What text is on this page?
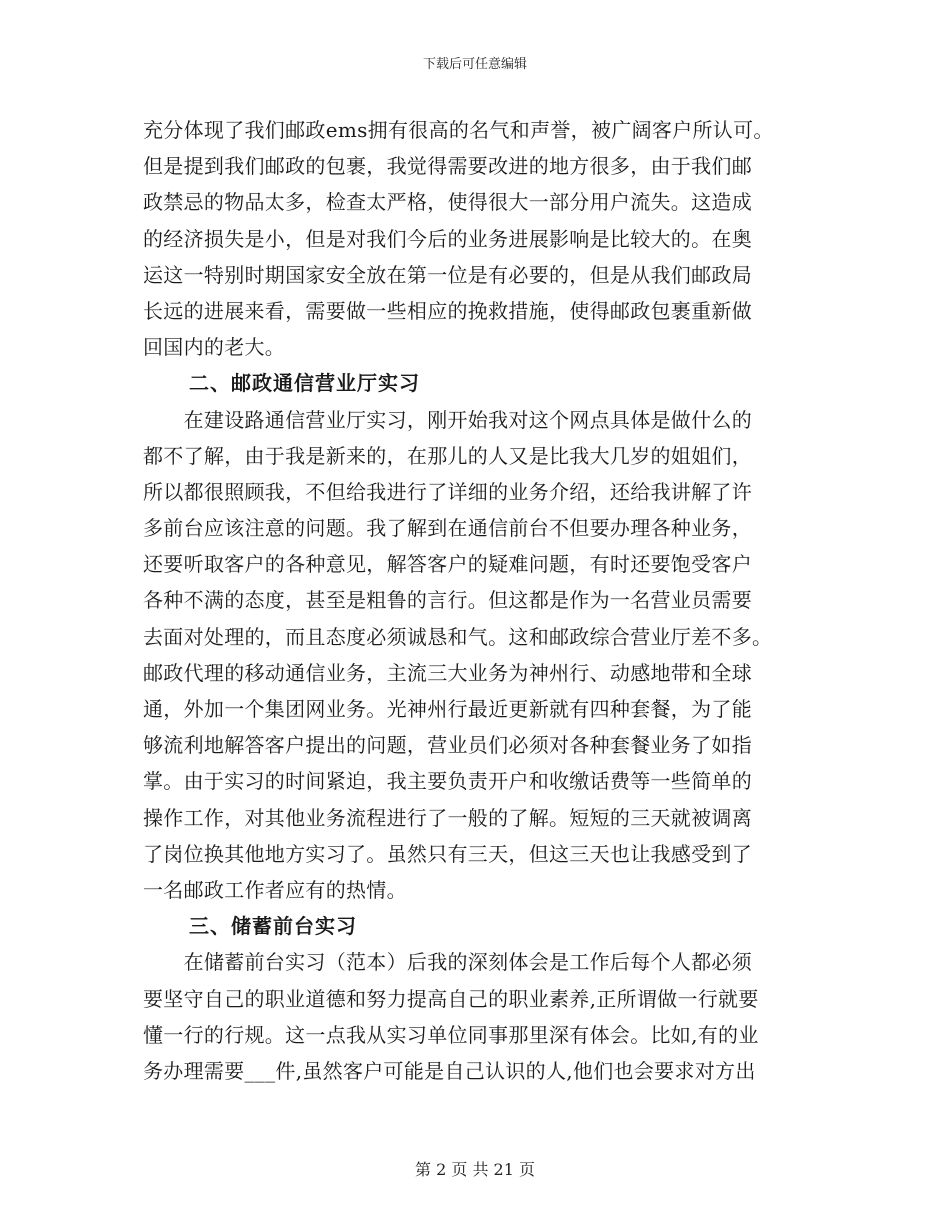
下载后可任意编辑
充分体现了我们邮政ems拥有很高的名气和声誉，被广阔客户所认可。
但是提到我们邮政的包裹，我觉得需要改进的地方很多，由于我们邮
政禁忌的物品太多，检查太严格，使得很大一部分用户流失。这造成
的经济损失是小，但是对我们今后的业务进展影响是比较大的。在奥
运这一特别时期国家安全放在第一位是有必要的，但是从我们邮政局
长远的进展来看，需要做一些相应的挽救措施，使得邮政包裹重新做
回国内的老大。
二、邮政通信营业厅实习
　　在建设路通信营业厅实习，刚开始我对这个网点具体是做什么的
都不了解，由于我是新来的，在那儿的人又是比我大几岁的姐姐们，
所以都很照顾我，不但给我进行了详细的业务介绍，还给我讲解了许
多前台应该注意的问题。我了解到在通信前台不但要办理各种业务，
还要听取客户的各种意见，解答客户的疑难问题，有时还要饱受客户
各种不满的态度，甚至是粗鲁的言行。但这都是作为一名营业员需要
去面对处理的，而且态度必须诚恳和气。这和邮政综合营业厅差不多。
邮政代理的移动通信业务，主流三大业务为神州行、动感地带和全球
通，外加一个集团网业务。光神州行最近更新就有四种套餐，为了能
够流利地解答客户提出的问题，营业员们必须对各种套餐业务了如指
掌。由于实习的时间紧迫，我主要负责开户和收缴话费等一些简单的
操作工作，对其他业务流程进行了一般的了解。短短的三天就被调离
了岗位换其他地方实习了。虽然只有三天，但这三天也让我感受到了
一名邮政工作者应有的热情。
三、储蓄前台实习
　　在储蓄前台实习（范本）后我的深刻体会是工作后每个人都必须
要坚守自己的职业道德和努力提高自己的职业素养,正所谓做一行就要
懂一行的行规。这一点我从实习单位同事那里深有体会。比如,有的业
务办理需要___件,虽然客户可能是自己认识的人,他们也会要求对方出
第 2 页 共 21 页
